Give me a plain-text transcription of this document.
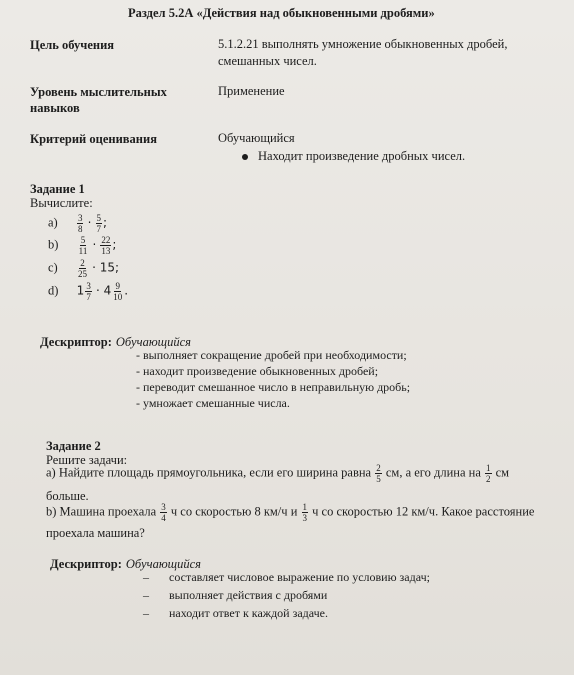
Раздел 5.2А «Действия над обыкновенными дробями»
Цель обучения	5.1.2.21 выполнять умножение обыкновенных дробей,
смешанных чисел.
Уровень мыслительных
навыков
Применение
Критерий оценивания	Обучающийся
Находит произведение дробных чисел.
Задание 1
Вычислите:
$а) \frac{3}{8} \cdot \frac{5}{7}$ ;
$b) \frac{5}{11} \cdot \frac{22}{13}$ ;
$с) \frac{2}{25} \cdot 15$;
d) $1 \frac{3}{7} \cdot 4 \frac{9}{10}$ .
Дескриптор: Обучающийся
- выполняет сокращение дробей при необходимости;
- находит произведение обыкновенных дробей;
- переводит смешанное число в неправильную дробь;
- умножает смешанные числа.
Задание 2
Решите задачи:
а) Найдите площадь прямоугольника, если его ширина равна $\frac{2}{5}$ см, а его длина на $\frac{1}{2}$ см
больше.
b) Машина проехала $\frac{3}{4}$ ч со скоростью 8 км/ч и $\frac{1}{3}$ ч со скоростью 12 км/ч. Какое расстояние
проехала машина?
Дескриптор: Обучающийся
– составляет числовое выражение по условию задач;
– выполняет действия с дробями
– находит ответ к каждой задаче.
